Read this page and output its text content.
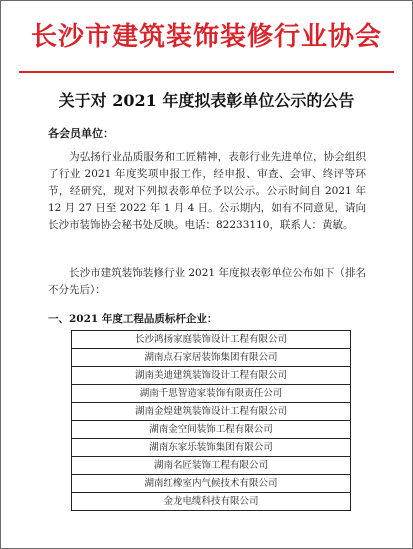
长沙市建筑装饰装修行业协会
关于对 2021 年度拟表彰单位公示的公告
各会员单位：
为弘扬行业品质服务和工匠精神，表彰行业先进单位，协会组织了行业 2021 年度奖项申报工作，经申报、审查、会审、终评等环节，经研究，现对下列拟表彰单位予以公示。公示时间自 2021 年 12 月 27 日至 2022 年 1 月 4 日。公示期内，如有不同意见，请向长沙市装饰协会秘书处反映。电话：82233110，联系人：黄敏。
长沙市建筑装饰装修行业 2021 年度拟表彰单位公布如下（排名不分先后）：
一、2021 年度工程品质标杆企业：
长沙鸿扬家庭装饰设计工程有限公司
湖南点石家居装饰集团有限公司
湖南美迪建筑装饰设计工程有限公司
湖南千思智造家装饰有限责任公司
湖南金煌建筑装饰设计工程有限公司
湖南金空间装饰工程有限公司
湖南东家乐装饰集团有限公司
湖南名匠装饰工程有限公司
湖南红橡室内气候技术有限公司
金龙电缆科技有限公司
